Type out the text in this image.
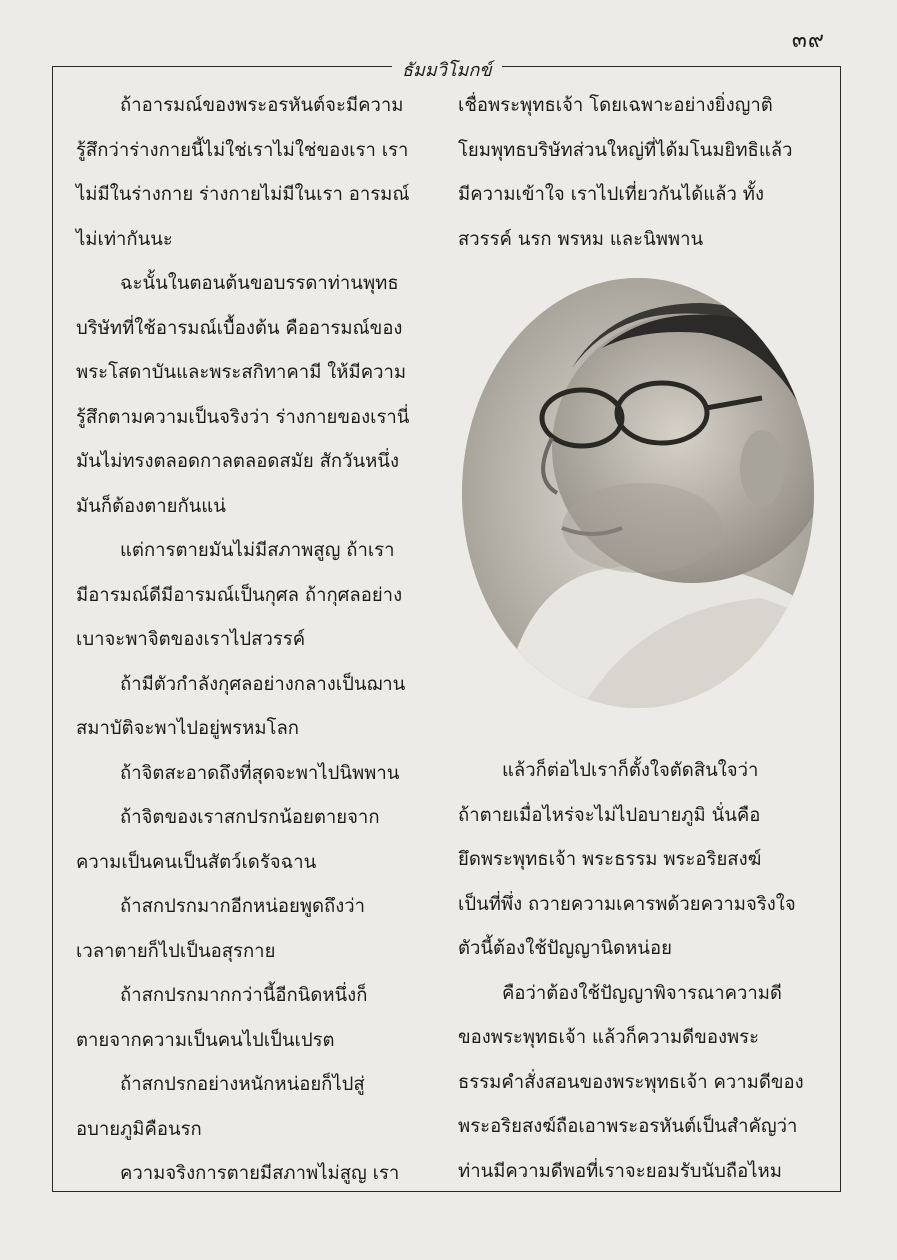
๓๙
ธัมมวิโมกข์

ถ้าอารมณ์ของพระอรหันต์จะมีความ

รู้สึกว่าร่างกายนี้ไม่ใช่เราไม่ใช่ของเรา เรา

ไม่มีในร่างกาย ร่างกายไม่มีในเรา อารมณ์

ไม่เท่ากันนะ

ฉะนั้นในตอนต้นขอบรรดาท่านพุทธ

บริษัทที่ใช้อารมณ์เบื้องต้น คืออารมณ์ของ

พระโสดาบันและพระสกิทาคามี ให้มีความ

รู้สึกตามความเป็นจริงว่า ร่างกายของเรานี่

มันไม่ทรงตลอดกาลตลอดสมัย สักวันหนึ่ง

มันก็ต้องตายกันแน่

แต่การตายมันไม่มีสภาพสูญ ถ้าเรา

มีอารมณ์ดีมีอารมณ์เป็นกุศล ถ้ากุศลอย่าง

เบาจะพาจิตของเราไปสวรรค์

ถ้ามีตัวกำลังกุศลอย่างกลางเป็นฌาน

สมาบัติจะพาไปอยู่พรหมโลก

ถ้าจิตสะอาดถึงที่สุดจะพาไปนิพพาน

ถ้าจิตของเราสกปรกน้อยตายจาก

ความเป็นคนเป็นสัตว์เดรัจฉาน

ถ้าสกปรกมากอีกหน่อยพูดถึงว่า

เวลาตายก็ไปเป็นอสุรกาย

ถ้าสกปรกมากกว่านี้อีกนิดหนึ่งก็

ตายจากความเป็นคนไปเป็นเปรต

ถ้าสกปรกอย่างหนักหน่อยก็ไปสู่

อบายภูมิคือนรก

ความจริงการตายมีสภาพไม่สูญ เรา

เชื่อพระพุทธเจ้า โดยเฉพาะอย่างยิ่งญาติ

โยมพุทธบริษัทส่วนใหญ่ที่ได้มโนมยิทธิแล้ว

มีความเข้าใจ เราไปเที่ยวกันได้แล้ว ทั้ง

สวรรค์ นรก พรหม และนิพพาน

แล้วก็ต่อไปเราก็ตั้งใจตัดสินใจว่า

ถ้าตายเมื่อไหร่จะไม่ไปอบายภูมิ นั่นคือ

ยึดพระพุทธเจ้า พระธรรม พระอริยสงฆ์

เป็นที่พึ่ง ถวายความเคารพด้วยความจริงใจ

ตัวนี้ต้องใช้ปัญญานิดหน่อย

คือว่าต้องใช้ปัญญาพิจารณาความดี

ของพระพุทธเจ้า แล้วก็ความดีของพระ

ธรรมคำสั่งสอนของพระพุทธเจ้า ความดีของ

พระอริยสงฆ์ถือเอาพระอรหันต์เป็นสำคัญว่า

ท่านมีความดีพอที่เราจะยอมรับนับถือไหม
